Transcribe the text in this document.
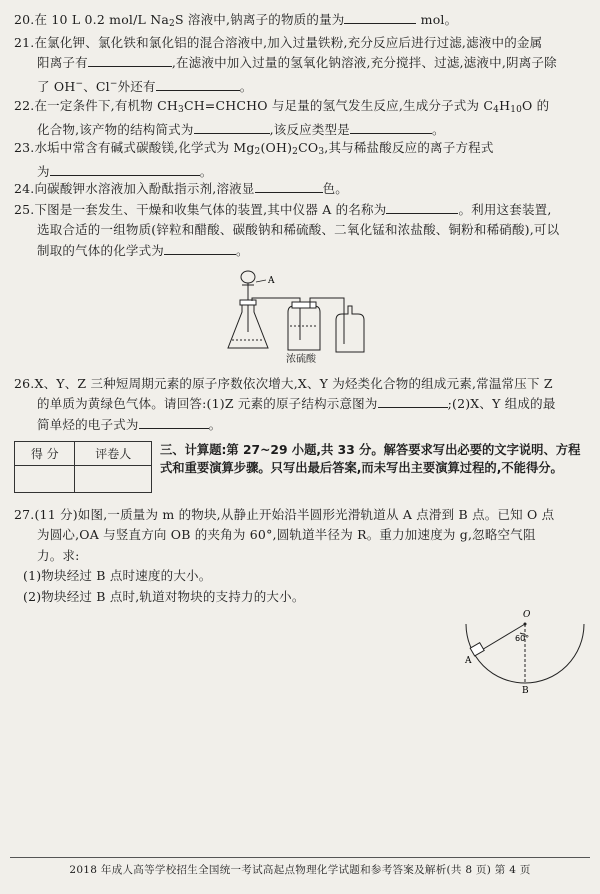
20.在 10 L 0.2 mol/L $Na_2S$ 溶液中,钠离子的物质的量为	mol。
21.在氯化钾、氯化铁和氯化铝的混合溶液中,加入过量铁粉,充分反应后进行过滤,滤液中的金属
阳离子有	,在滤液中加入过量的氢氧化钠溶液,充分搅拌、过滤,滤液中,阴离子除
了 OH−、Cl−外还有	。
22.在一定条件下,有机物 $CH_3CH=CHCHO$ 与足量的氢气发生反应,生成分子式为 $C_4H_{10}O$ 的
化合物,该产物的结构简式为	,该反应类型是	。
23.水垢中常含有碱式碳酸镁,化学式为 $Mg_2(OH)_2CO_3$,其与稀盐酸反应的离子方程式
为	。
24.向碳酸钾水溶液加入酚酞指示剂,溶液显	色。
25.下图是一套发生、干燥和收集气体的装置,其中仪器 A 的名称为	。利用这套装置,
选取合适的一组物质(锌粒和醋酸、碳酸钠和稀硫酸、二氧化锰和浓盐酸、铜粉和稀硝酸),可以
制取的气体的化学式为	。
A
浓硫酸
26.X、Y、Z 三种短周期元素的原子序数依次增大,X、Y 为烃类化合物的组成元素,常温常压下 Z
的单质为黄绿色气体。请回答:(1)Z 元素的原子结构示意图为	;(2)X、Y 组成的最
简单烃的电子式为	。
得 分	评卷人
	三、计算题:第 27~29 小题,共 33 分。解答要求写出必要的文字说明、方程式和重要演算步骤。只写出最后答案,而未写出主要演算过程的,不能得分。
27.(11 分)如图,一质量为 m 的物块,从静止开始沿半圆形光滑轨道从 A 点滑到 B 点。已知 O 点
为圆心,OA 与竖直方向 OB 的夹角为 60°,圆轨道半径为 R。重力加速度为 g,忽略空气阻
力。求:
(1)物块经过 B 点时速度的大小。
(2)物块经过 B 点时,轨道对物块的支持力的大小。
O
60°
A
B
2018 年成人高等学校招生全国统一考试高起点物理化学试题和参考答案及解析(共 8 页) 第 4 页
